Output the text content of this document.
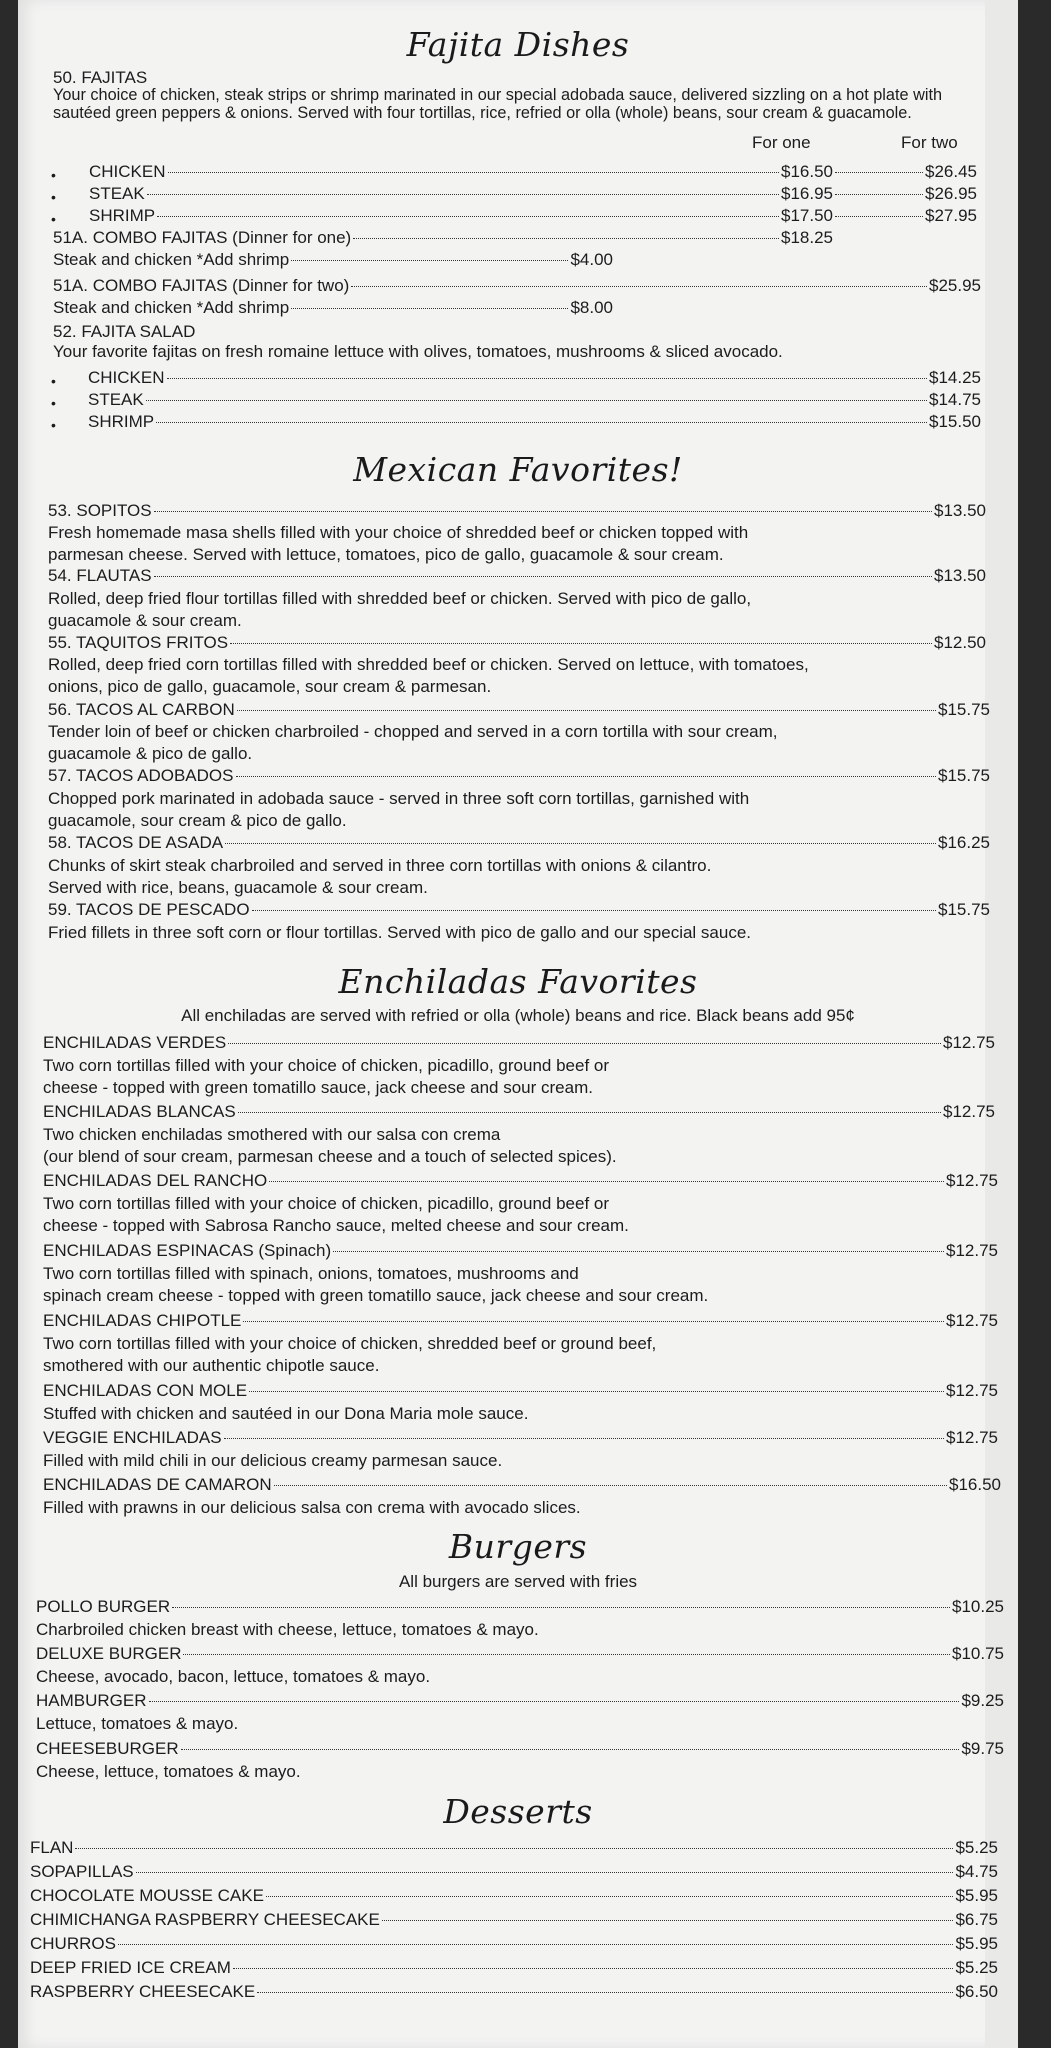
Fajita Dishes
50. FAJITAS
Your choice of chicken, steak strips or shrimp marinated in our special adobada sauce, delivered sizzling on a hot plate with
sautéed green peppers & onions. Served with four tortillas, rice, refried or olla (whole) beans, sour cream & guacamole.
For one	For two
• CHICKEN	$16.50	$26.45
• STEAK	$16.95	$26.95
• SHRIMP	$17.50	$27.95
51A. COMBO FAJITAS (Dinner for one)	$18.25
Steak and chicken *Add shrimp	$4.00
51A. COMBO FAJITAS (Dinner for two)	$25.95
Steak and chicken *Add shrimp	$8.00
52. FAJITA SALAD
Your favorite fajitas on fresh romaine lettuce with olives, tomatoes, mushrooms & sliced avocado.
• CHICKEN	$14.25
• STEAK	$14.75
• SHRIMP	$15.50
Mexican Favorites!
53. SOPITOS	$13.50
Fresh homemade masa shells filled with your choice of shredded beef or chicken topped with
parmesan cheese. Served with lettuce, tomatoes, pico de gallo, guacamole & sour cream.
54. FLAUTAS	$13.50
Rolled, deep fried flour tortillas filled with shredded beef or chicken. Served with pico de gallo,
guacamole & sour cream.
55. TAQUITOS FRITOS	$12.50
Rolled, deep fried corn tortillas filled with shredded beef or chicken. Served on lettuce, with tomatoes,
onions, pico de gallo, guacamole, sour cream & parmesan.
56. TACOS AL CARBON	$15.75
Tender loin of beef or chicken charbroiled - chopped and served in a corn tortilla with sour cream,
guacamole & pico de gallo.
57. TACOS ADOBADOS	$15.75
Chopped pork marinated in adobada sauce - served in three soft corn tortillas, garnished with
guacamole, sour cream & pico de gallo.
58. TACOS DE ASADA	$16.25
Chunks of skirt steak charbroiled and served in three corn tortillas with onions & cilantro.
Served with rice, beans, guacamole & sour cream.
59. TACOS DE PESCADO	$15.75
Fried fillets in three soft corn or flour tortillas. Served with pico de gallo and our special sauce.
Enchiladas Favorites
All enchiladas are served with refried or olla (whole) beans and rice. Black beans add 95¢
ENCHILADAS VERDES	$12.75
Two corn tortillas filled with your choice of chicken, picadillo, ground beef or
cheese - topped with green tomatillo sauce, jack cheese and sour cream.
ENCHILADAS BLANCAS	$12.75
Two chicken enchiladas smothered with our salsa con crema
(our blend of sour cream, parmesan cheese and a touch of selected spices).
ENCHILADAS DEL RANCHO	$12.75
Two corn tortillas filled with your choice of chicken, picadillo, ground beef or
cheese - topped with Sabrosa Rancho sauce, melted cheese and sour cream.
ENCHILADAS ESPINACAS (Spinach)	$12.75
Two corn tortillas filled with spinach, onions, tomatoes, mushrooms and
spinach cream cheese - topped with green tomatillo sauce, jack cheese and sour cream.
ENCHILADAS CHIPOTLE	$12.75
Two corn tortillas filled with your choice of chicken, shredded beef or ground beef,
smothered with our authentic chipotle sauce.
ENCHILADAS CON MOLE	$12.75
Stuffed with chicken and sautéed in our Dona Maria mole sauce.
VEGGIE ENCHILADAS	$12.75
Filled with mild chili in our delicious creamy parmesan sauce.
ENCHILADAS DE CAMARON	$16.50
Filled with prawns in our delicious salsa con crema with avocado slices.
Burgers
All burgers are served with fries
POLLO BURGER	$10.25
Charbroiled chicken breast with cheese, lettuce, tomatoes & mayo.
DELUXE BURGER	$10.75
Cheese, avocado, bacon, lettuce, tomatoes & mayo.
HAMBURGER	$9.25
Lettuce, tomatoes & mayo.
CHEESEBURGER	$9.75
Cheese, lettuce, tomatoes & mayo.
Desserts
FLAN	$5.25
SOPAPILLAS	$4.75
CHOCOLATE MOUSSE CAKE	$5.95
CHIMICHANGA RASPBERRY CHEESECAKE	$6.75
CHURROS	$5.95
DEEP FRIED ICE CREAM	$5.25
RASPBERRY CHEESECAKE	$6.50
